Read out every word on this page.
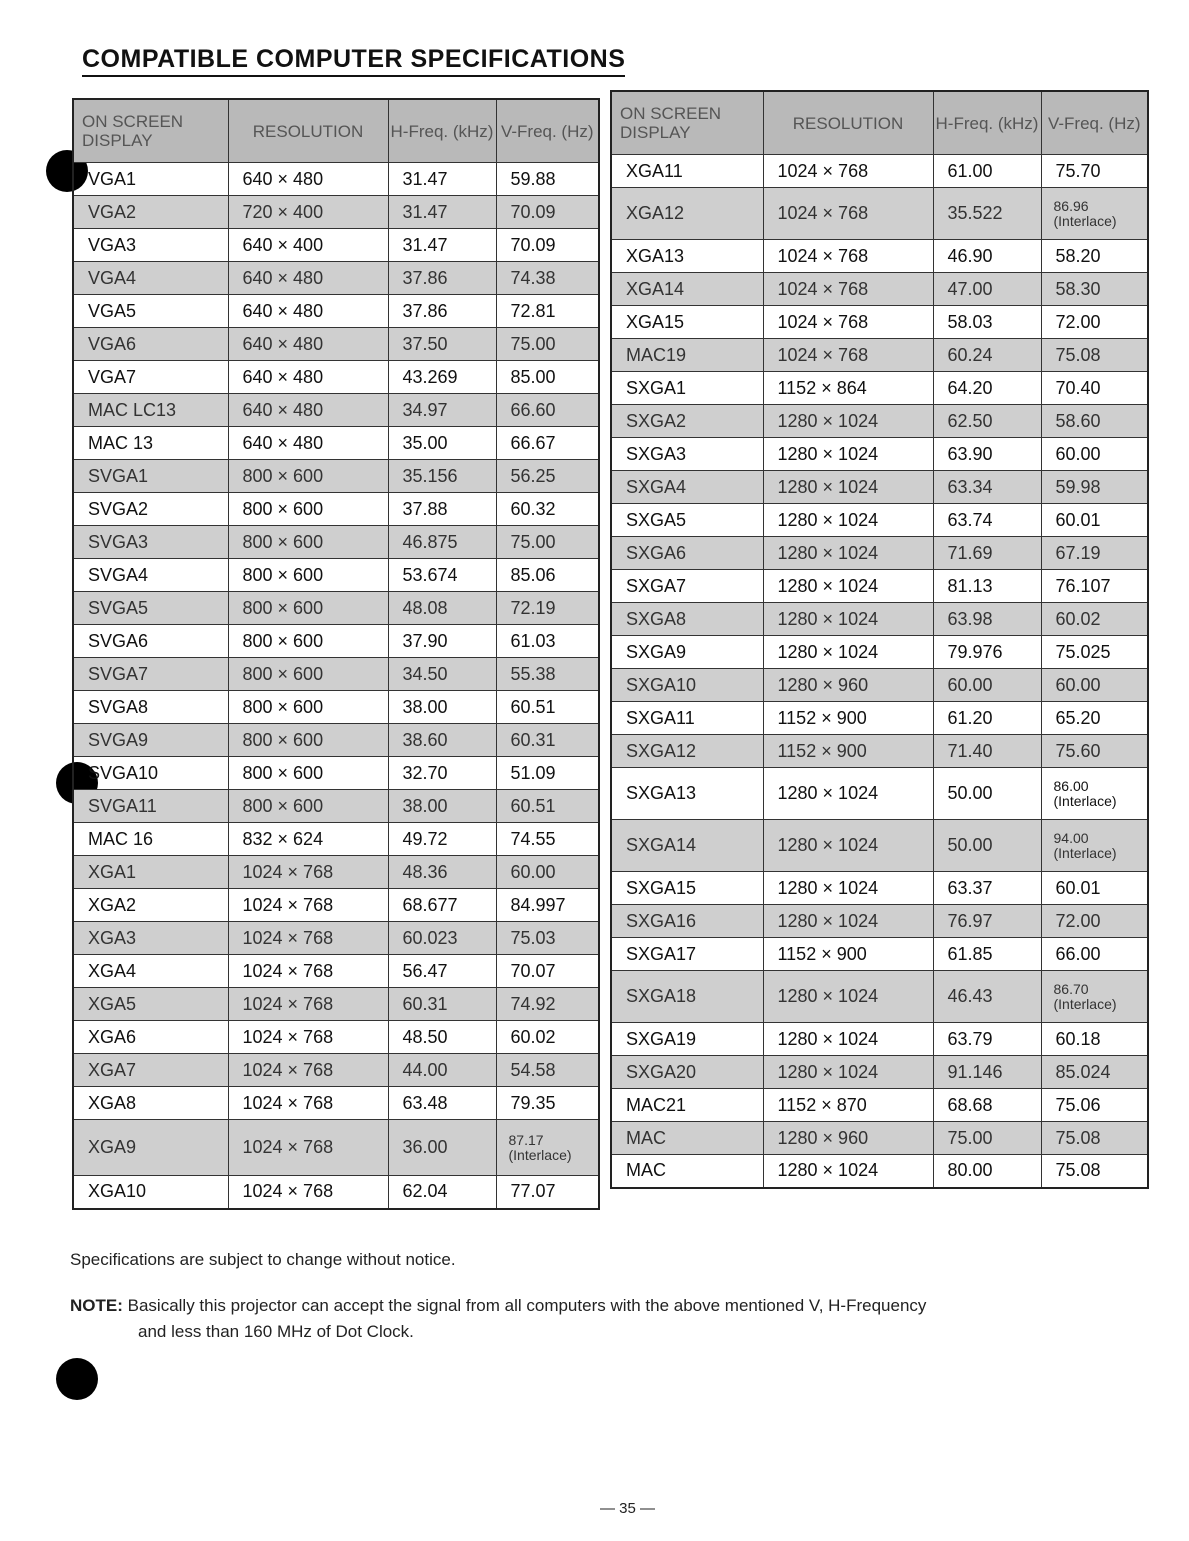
COMPATIBLE COMPUTER SPECIFICATIONS
ON SCREEN DISPLAY	RESOLUTION	H-Freq. (kHz)	V-Freq. (Hz)
VGA1	640 × 480	31.47	59.88
VGA2	720 × 400	31.47	70.09
VGA3	640 × 400	31.47	70.09
VGA4	640 × 480	37.86	74.38
VGA5	640 × 480	37.86	72.81
VGA6	640 × 480	37.50	75.00
VGA7	640 × 480	43.269	85.00
MAC LC13	640 × 480	34.97	66.60
MAC 13	640 × 480	35.00	66.67
SVGA1	800 × 600	35.156	56.25
SVGA2	800 × 600	37.88	60.32
SVGA3	800 × 600	46.875	75.00
SVGA4	800 × 600	53.674	85.06
SVGA5	800 × 600	48.08	72.19
SVGA6	800 × 600	37.90	61.03
SVGA7	800 × 600	34.50	55.38
SVGA8	800 × 600	38.00	60.51
SVGA9	800 × 600	38.60	60.31
SVGA10	800 × 600	32.70	51.09
SVGA11	800 × 600	38.00	60.51
MAC 16	832 × 624	49.72	74.55
XGA1	1024 × 768	48.36	60.00
XGA2	1024 × 768	68.677	84.997
XGA3	1024 × 768	60.023	75.03
XGA4	1024 × 768	56.47	70.07
XGA5	1024 × 768	60.31	74.92
XGA6	1024 × 768	48.50	60.02
XGA7	1024 × 768	44.00	54.58
XGA8	1024 × 768	63.48	79.35
XGA9	1024 × 768	36.00	87.17 (Interlace)
XGA10	1024 × 768	62.04	77.07
ON SCREEN DISPLAY	RESOLUTION	H-Freq. (kHz)	V-Freq. (Hz)
XGA11	1024 × 768	61.00	75.70
XGA12	1024 × 768	35.522	86.96 (Interlace)
XGA13	1024 × 768	46.90	58.20
XGA14	1024 × 768	47.00	58.30
XGA15	1024 × 768	58.03	72.00
MAC19	1024 × 768	60.24	75.08
SXGA1	1152 × 864	64.20	70.40
SXGA2	1280 × 1024	62.50	58.60
SXGA3	1280 × 1024	63.90	60.00
SXGA4	1280 × 1024	63.34	59.98
SXGA5	1280 × 1024	63.74	60.01
SXGA6	1280 × 1024	71.69	67.19
SXGA7	1280 × 1024	81.13	76.107
SXGA8	1280 × 1024	63.98	60.02
SXGA9	1280 × 1024	79.976	75.025
SXGA10	1280 × 960	60.00	60.00
SXGA11	1152 × 900	61.20	65.20
SXGA12	1152 × 900	71.40	75.60
SXGA13	1280 × 1024	50.00	86.00 (Interlace)
SXGA14	1280 × 1024	50.00	94.00 (Interlace)
SXGA15	1280 × 1024	63.37	60.01
SXGA16	1280 × 1024	76.97	72.00
SXGA17	1152 × 900	61.85	66.00
SXGA18	1280 × 1024	46.43	86.70 (Interlace)
SXGA19	1280 × 1024	63.79	60.18
SXGA20	1280 × 1024	91.146	85.024
MAC21	1152 × 870	68.68	75.06
MAC	1280 × 960	75.00	75.08
MAC	1280 × 1024	80.00	75.08
Specifications are subject to change without notice.
NOTE: Basically this projector can accept the signal from all computers with the above mentioned V, H-Frequency
and less than 160 MHz of Dot Clock.
— 35 —
